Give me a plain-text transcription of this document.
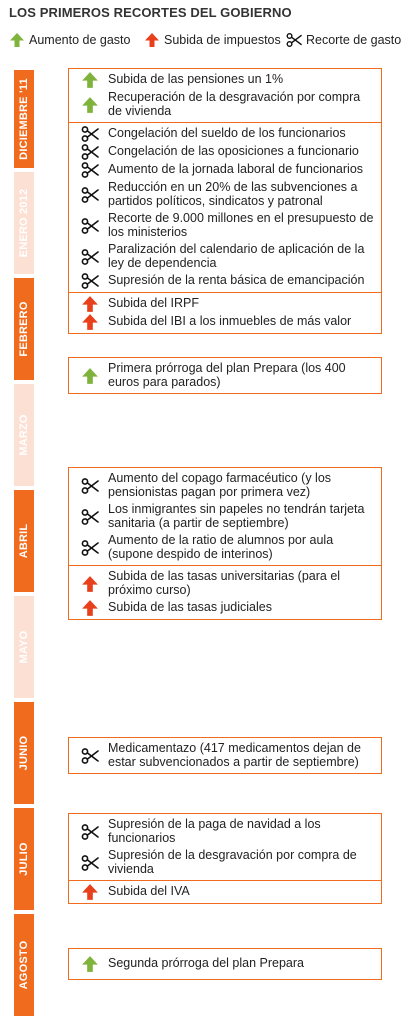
LOS PRIMEROS RECORTES DEL GOBIERNO
Aumento de gasto	Subida de impuestos Recorte de gasto
DICIEMBRE '11
ENERO 2012
FEBRERO
MARZO
ABRIL
MAYO
JUNIO
JULIO
AGOSTO
Subida de las pensiones un 1%
Recuperación de la desgravación por compra de vivienda
Congelación del sueldo de los funcionarios
Congelación de las oposiciones a funcionario
Aumento de la jornada laboral de funcionarios
Reducción en un 20% de las subvenciones a partidos políticos, sindicatos y patronal
Recorte de 9.000 millones en el presupuesto de los ministerios
Paralización del calendario de aplicación de la ley de dependencia
Supresión de la renta básica de emancipación
Subida del IRPF
Subida del IBI a los inmuebles de más valor
Primera prórroga del plan Prepara (los 400 euros para parados)
Aumento del copago farmacéutico (y los pensionistas pagan por primera vez)
Los inmigrantes sin papeles no tendrán tarjeta sanitaria (a partir de septiembre)
Aumento de la ratio de alumnos por aula (supone despido de interinos)
Subida de las tasas universitarias (para el próximo curso)
Subida de las tasas judiciales
Medicamentazo (417 medicamentos dejan de estar subvencionados a partir de septiembre)
Supresión de la paga de navidad a los funcionarios
Supresión de la desgravación por compra de vivienda
Subida del IVA
Segunda prórroga del plan Prepara
